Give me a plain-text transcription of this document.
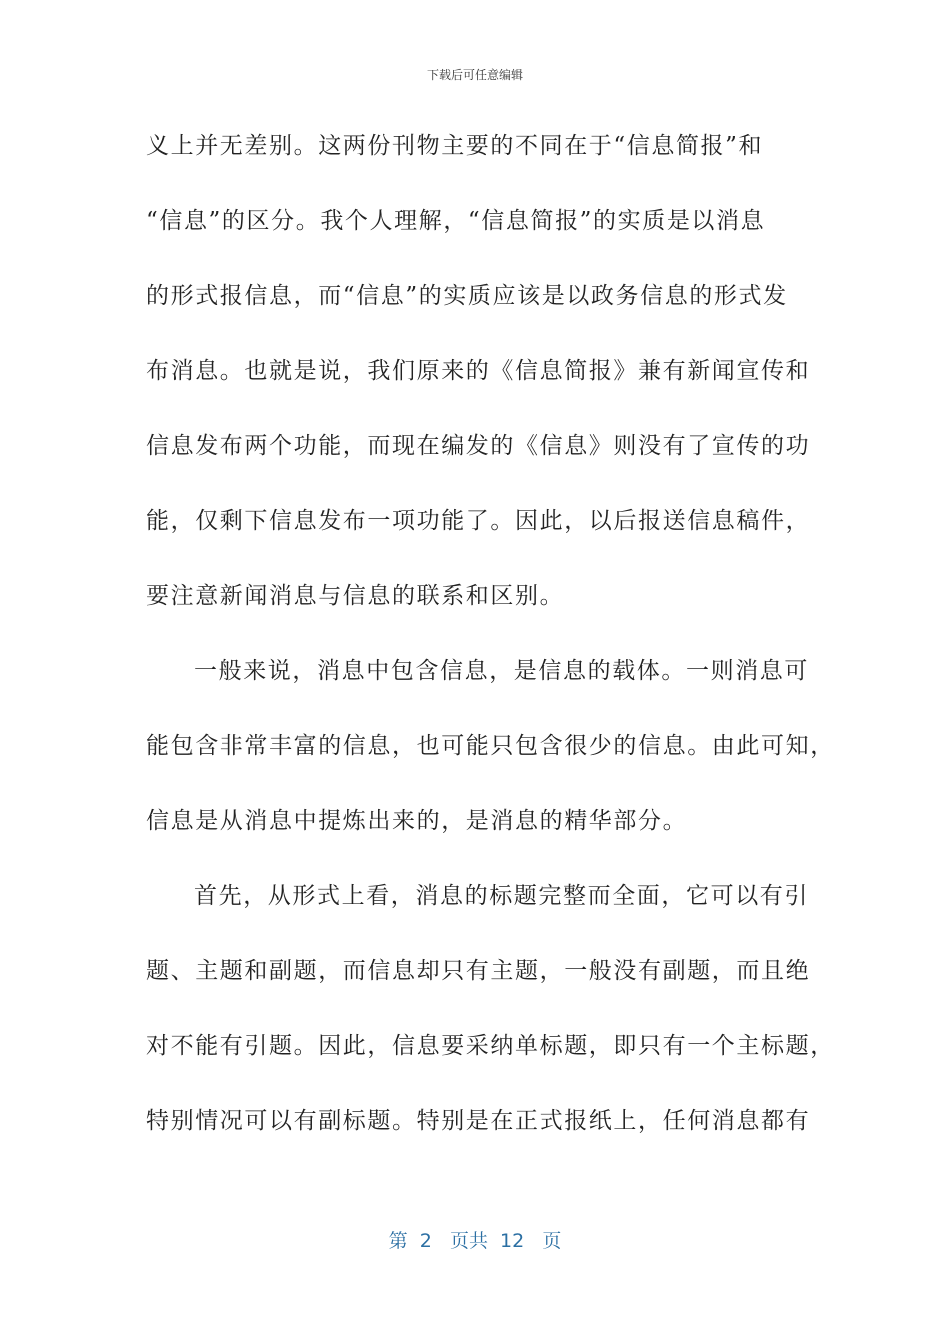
下载后可任意编辑
义上并无差别。这两份刊物主要的不同在于“信息简报”和
“信息”的区分。我个人理解，“信息简报”的实质是以消息
的形式报信息，而“信息”的实质应该是以政务信息的形式发
布消息。也就是说，我们原来的《信息简报》兼有新闻宣传和
信息发布两个功能，而现在编发的《信息》则没有了宣传的功
能，仅剩下信息发布一项功能了。因此，以后报送信息稿件，
要注意新闻消息与信息的联系和区别。
一般来说，消息中包含信息，是信息的载体。一则消息可
能包含非常丰富的信息，也可能只包含很少的信息。由此可知，
信息是从消息中提炼出来的，是消息的精华部分。
首先，从形式上看，消息的标题完整而全面，它可以有引
题、主题和副题，而信息却只有主题，一般没有副题，而且绝
对不能有引题。因此，信息要采纳单标题，即只有一个主标题，
特别情况可以有副标题。特别是在正式报纸上，任何消息都有
第  2   页共  12   页
